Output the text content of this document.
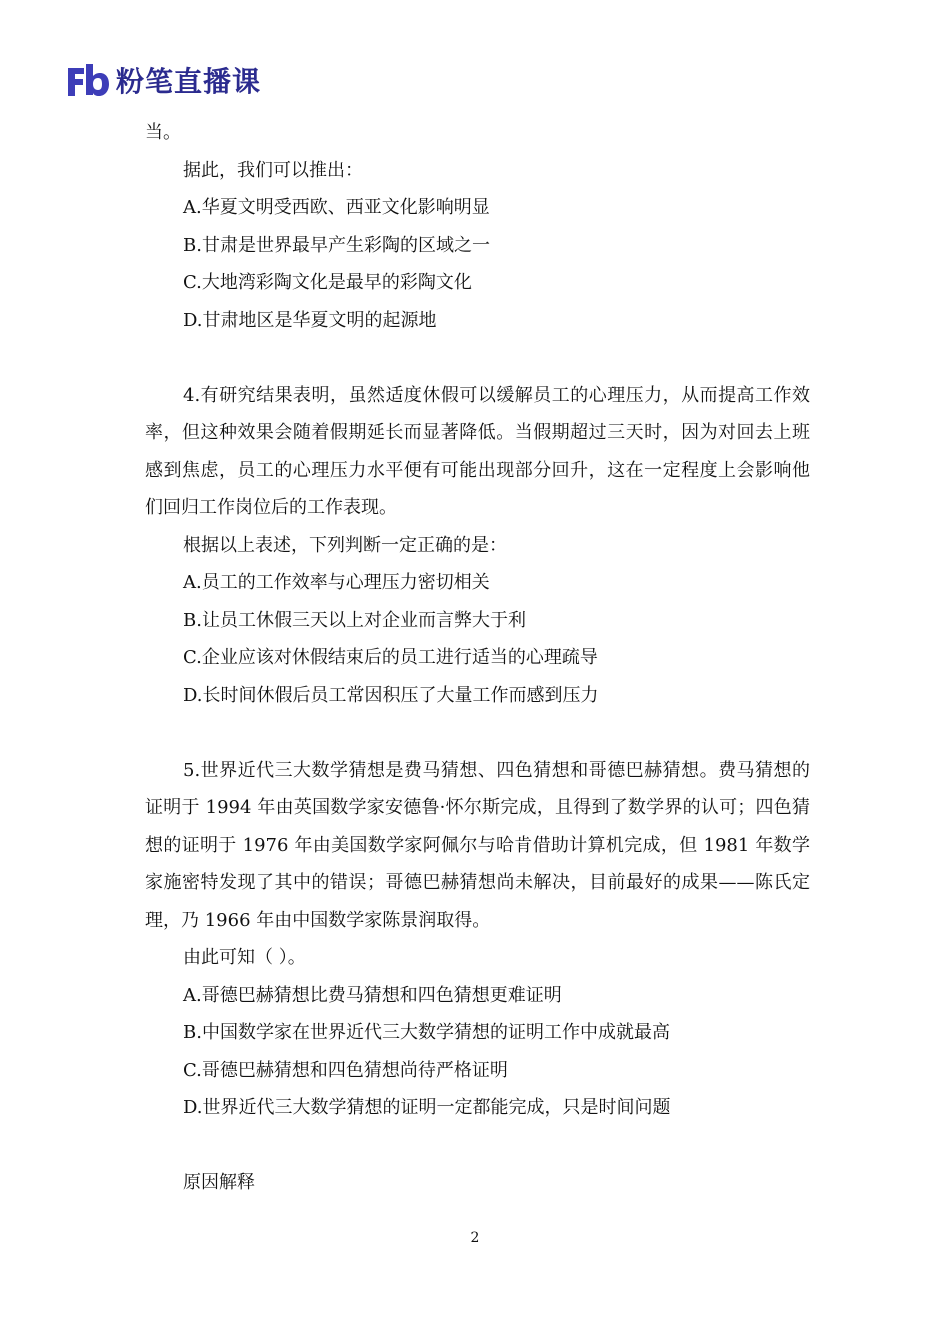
粉笔直播课
当。
据此，我们可以推出：
A.华夏文明受西欧、西亚文化影响明显
B.甘肃是世界最早产生彩陶的区域之一
C.大地湾彩陶文化是最早的彩陶文化
D.甘肃地区是华夏文明的起源地
4.有研究结果表明，虽然适度休假可以缓解员工的心理压力，从而提高工作效率，但这种效果会随着假期延长而显著降低。当假期超过三天时，因为对回去上班感到焦虑，员工的心理压力水平便有可能出现部分回升，这在一定程度上会影响他们回归工作岗位后的工作表现。
根据以上表述，下列判断一定正确的是：
A.员工的工作效率与心理压力密切相关
B.让员工休假三天以上对企业而言弊大于利
C.企业应该对休假结束后的员工进行适当的心理疏导
D.长时间休假后员工常因积压了大量工作而感到压力
5.世界近代三大数学猜想是费马猜想、四色猜想和哥德巴赫猜想。费马猜想的证明于 1994 年由英国数学家安德鲁·怀尔斯完成，且得到了数学界的认可；四色猜想的证明于 1976 年由美国数学家阿佩尔与哈肯借助计算机完成，但 1981 年数学家施密特发现了其中的错误；哥德巴赫猜想尚未解决，目前最好的成果——陈氏定理，乃 1966 年由中国数学家陈景润取得。
由此可知（ ）。
A.哥德巴赫猜想比费马猜想和四色猜想更难证明
B.中国数学家在世界近代三大数学猜想的证明工作中成就最高
C.哥德巴赫猜想和四色猜想尚待严格证明
D.世界近代三大数学猜想的证明一定都能完成，只是时间问题
原因解释
2
